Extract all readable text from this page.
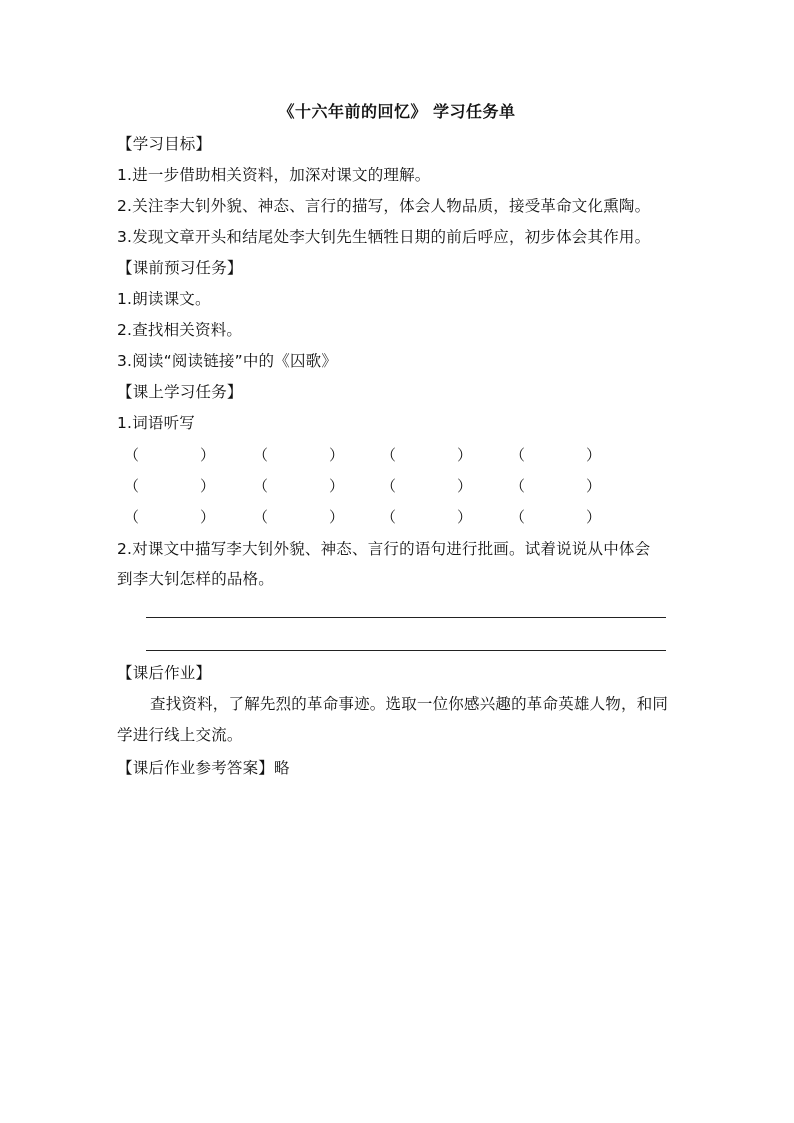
《十六年前的回忆》 学习任务单
【学习目标】
1.进一步借助相关资料，加深对课文的理解。
2.关注李大钊外貌、神态、言行的描写，体会人物品质，接受革命文化熏陶。
3.发现文章开头和结尾处李大钊先生牺牲日期的前后呼应，初步体会其作用。
【课前预习任务】
1.朗读课文。
2.查找相关资料。
3.阅读“阅读链接”中的《囚歌》
【课上学习任务】
1.词语听写
（	）	（	） （	）	（	）
（	）	（	） （	）	（	）
（	）	（	） （	）	（	）
2.对课文中描写李大钊外貌、神态、言行的语句进行批画。试着说说从中体会
到李大钊怎样的品格。
【课后作业】
查找资料，了解先烈的革命事迹。选取一位你感兴趣的革命英雄人物，和同
学进行线上交流。
【课后作业参考答案】略
